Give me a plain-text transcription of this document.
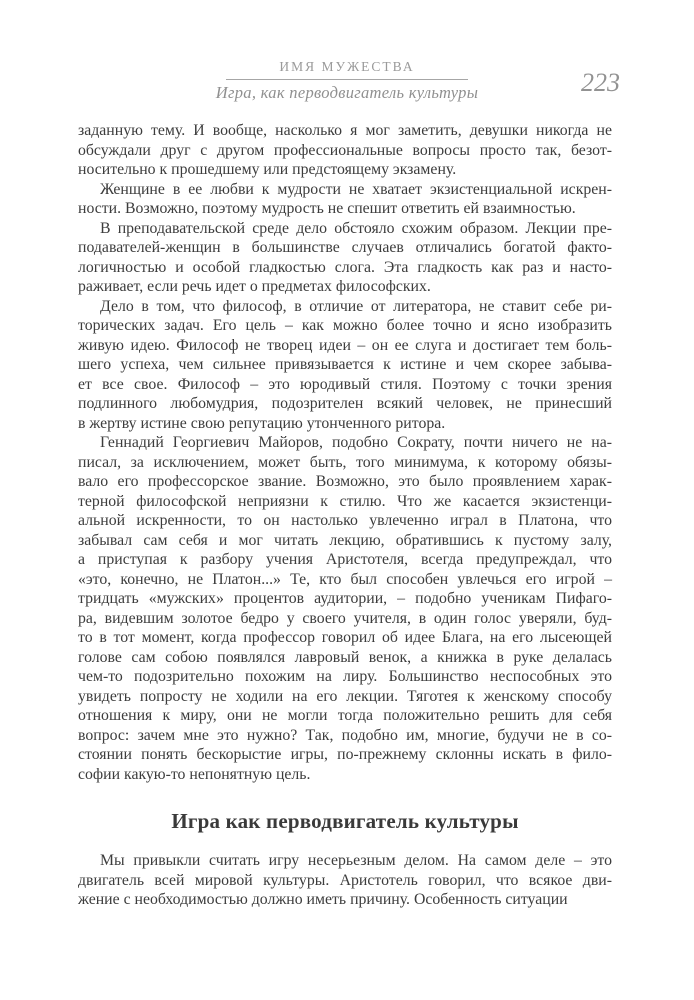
ИМЯ МУЖЕСТВА
Игра, как перводвигатель культуры	223
заданную тему. И вообще, насколько я мог заметить, девушки никогда не
обсуждали друг с другом профессиональные вопросы просто так, безот-
носительно к прошедшему или предстоящему экзамену.
Женщине в ее любви к мудрости не хватает экзистенциальной искрен-
ности. Возможно, поэтому мудрость не спешит ответить ей взаимностью.
В преподавательской среде дело обстояло схожим образом. Лекции пре-
подавателей-женщин в большинстве случаев отличались богатой факто-
логичностью и особой гладкостью слога. Эта гладкость как раз и насто-
раживает, если речь идет о предметах философских.
Дело в том, что философ, в отличие от литератора, не ставит себе ри-
торических задач. Его цель – как можно более точно и ясно изобразить
живую идею. Философ не творец идеи – он ее слуга и достигает тем боль-
шего успеха, чем сильнее привязывается к истине и чем скорее забыва-
ет все свое. Философ – это юродивый стиля. Поэтому с точки зрения
подлинного любомудрия, подозрителен всякий человек, не принесший
в жертву истине свою репутацию утонченного ритора.
Геннадий Георгиевич Майоров, подобно Сократу, почти ничего не на-
писал, за исключением, может быть, того минимума, к которому обязы-
вало его профессорское звание. Возможно, это было проявлением харак-
терной философской неприязни к стилю. Что же касается экзистенци-
альной искренности, то он настолько увлеченно играл в Платона, что
забывал сам себя и мог читать лекцию, обратившись к пустому залу,
а приступая к разбору учения Аристотеля, всегда предупреждал, что
«это, конечно, не Платон...» Те, кто был способен увлечься его игрой –
тридцать «мужских» процентов аудитории, – подобно ученикам Пифаго-
ра, видевшим золотое бедро у своего учителя, в один голос уверяли, буд-
то в тот момент, когда профессор говорил об идее Блага, на его лысеющей
голове сам собою появлялся лавровый венок, а книжка в руке делалась
чем-то подозрительно похожим на лиру. Большинство неспособных это
увидеть попросту не ходили на его лекции. Тяготея к женскому способу
отношения к миру, они не могли тогда положительно решить для себя
вопрос: зачем мне это нужно? Так, подобно им, многие, будучи не в со-
стоянии понять бескорыстие игры, по-прежнему склонны искать в фило-
софии какую-то непонятную цель.
Игра как перводвигатель культуры
Мы привыкли считать игру несерьезным делом. На самом деле – это
двигатель всей мировой культуры. Аристотель говорил, что всякое дви-
жение с необходимостью должно иметь причину. Особенность ситуации
